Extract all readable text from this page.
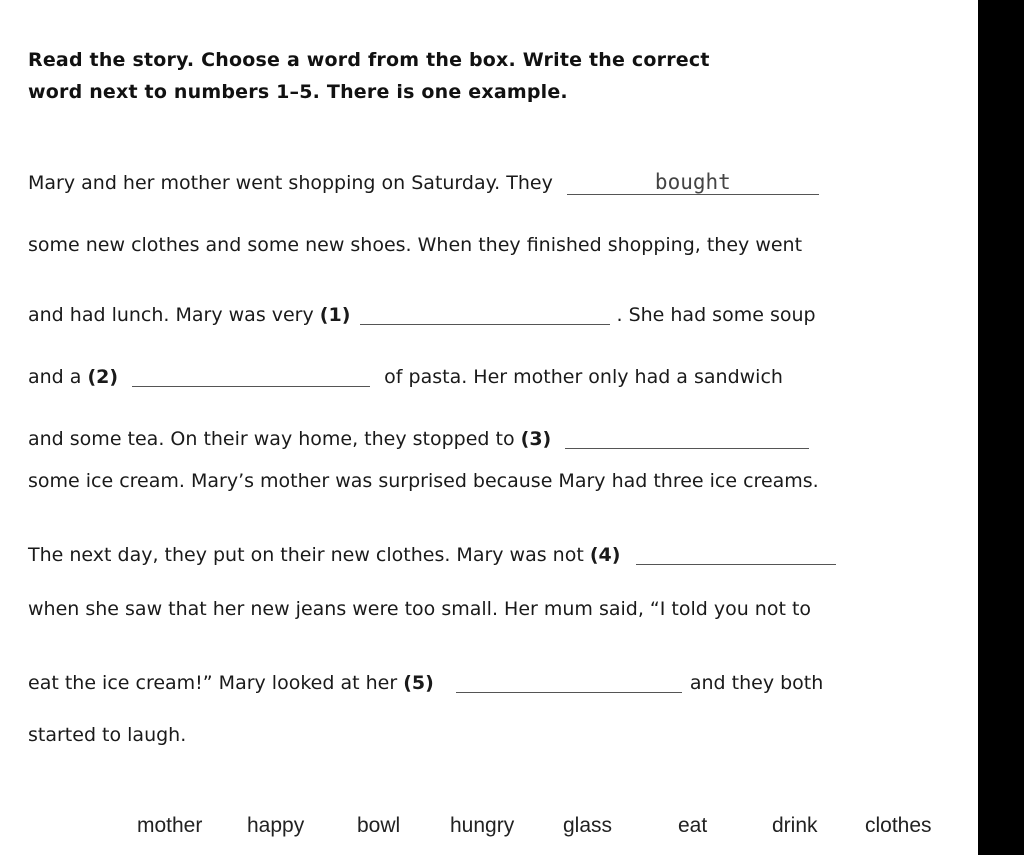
Read the story. Choose a word from the box. Write the correct
word next to numbers 1–5. There is one example.
Mary and her mother went shopping on Saturday. They	bought
some new clothes and some new shoes. When they finished shopping, they went
and had lunch. Mary was very (1)	. She had some soup
and a (2)	of pasta. Her mother only had a sandwich
and some tea. On their way home, they stopped to (3)
some ice cream. Mary’s mother was surprised because Mary had three ice creams.
The next day, they put on their new clothes. Mary was not (4)
when she saw that her new jeans were too small. Her mum said, “I told you not to
eat the ice cream!” Mary looked at her (5)	and they both
started to laugh.
mother happy	bowl hungry glass	eat	drink clothes
